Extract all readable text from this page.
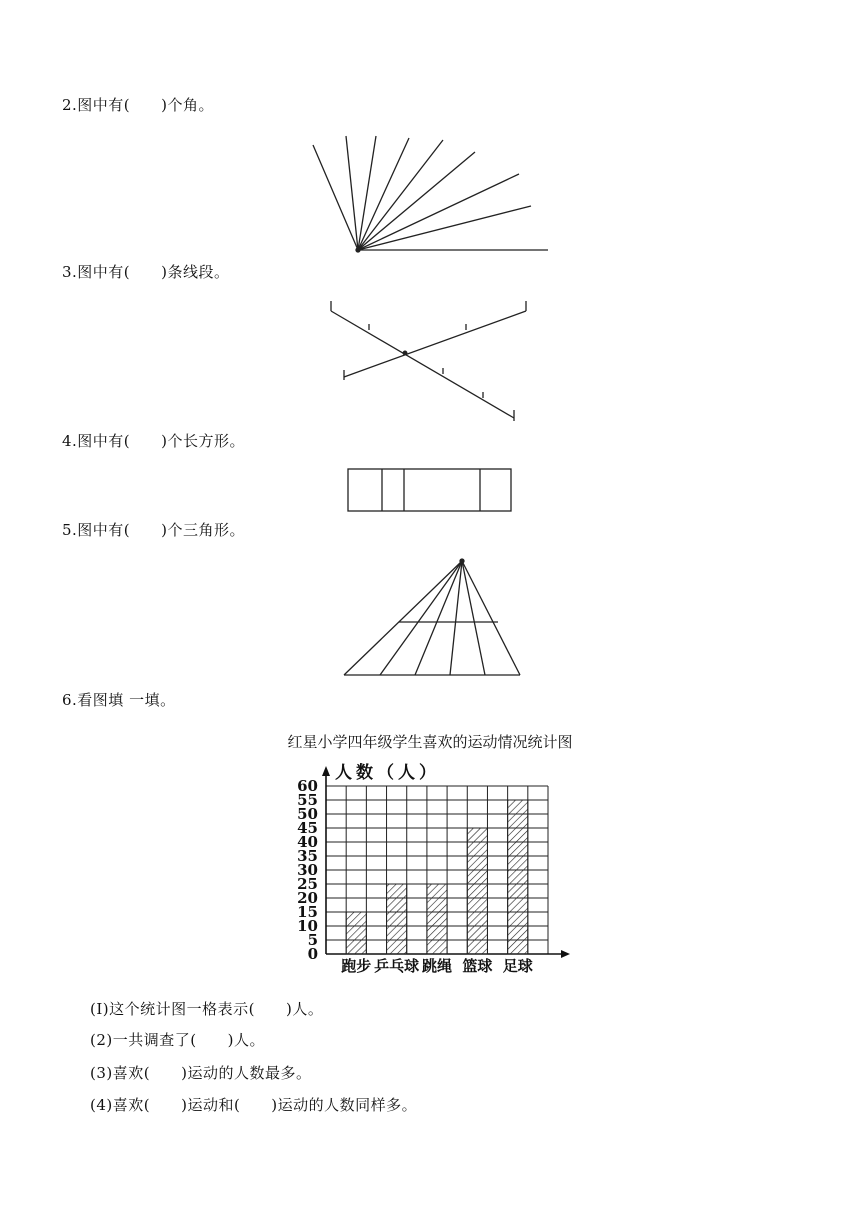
2.图中有(　　)个角。
3.图中有(　　)条线段。
4.图中有(　　)个长方形。
5.图中有(　　)个三角形。
6.看图填 一填。
0
5
10
15
20
25
30
35
40
45
50
55
60
跑步 乒乓球 跳绳 篮球 足球
红星小学四年级学生喜欢的运动情况统计图
人数（人）
(Ⅰ)这个统计图一格表示(　　)人。
(2)一共调查了(　　)人。
(3)喜欢(　　)运动的人数最多。
(4)喜欢(　　)运动和(　　)运动的人数同样多。
